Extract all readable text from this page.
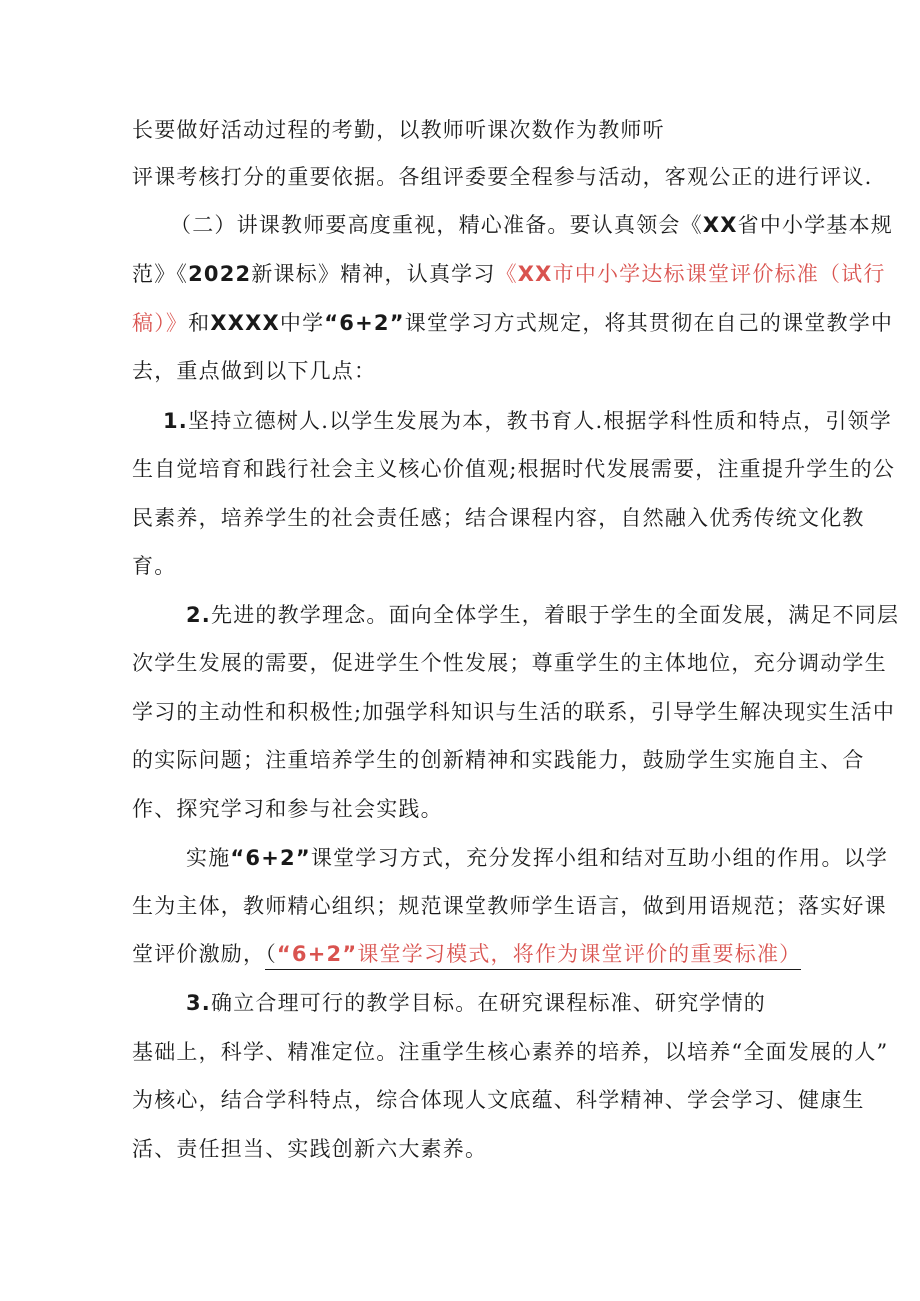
长要做好活动过程的考勤，以教师听课次数作为教师听
评课考核打分的重要依据。各组评委要全程参与活动，客观公正的进行评议.
（二）讲课教师要高度重视，精心准备。要认真领会《XX省中小学基本规
范》《2022新课标》精神，认真学习《XX市中小学达标课堂评价标准（试行
稿）》和XXXX中学“6+2”课堂学习方式规定，将其贯彻在自己的课堂教学中
去，重点做到以下几点：
1.坚持立德树人.以学生发展为本，教书育人.根据学科性质和特点，引领学
生自觉培育和践行社会主义核心价值观;根据时代发展需要，注重提升学生的公
民素养，培养学生的社会责任感；结合课程内容，自然融入优秀传统文化教
育。
2.先进的教学理念。面向全体学生，着眼于学生的全面发展，满足不同层
次学生发展的需要，促进学生个性发展；尊重学生的主体地位，充分调动学生
学习的主动性和积极性;加强学科知识与生活的联系，引导学生解决现实生活中
的实际问题；注重培养学生的创新精神和实践能力，鼓励学生实施自主、合
作、探究学习和参与社会实践。
实施“6+2”课堂学习方式，充分发挥小组和结对互助小组的作用。以学
生为主体，教师精心组织；规范课堂教师学生语言，做到用语规范；落实好课
堂评价激励，（“6+2”课堂学习模式，将作为课堂评价的重要标准）
3.确立合理可行的教学目标。在研究课程标准、研究学情的
基础上，科学、精准定位。注重学生核心素养的培养，以培养“全面发展的人”
为核心，结合学科特点，综合体现人文底蕴、科学精神、学会学习、健康生
活、责任担当、实践创新六大素养。
